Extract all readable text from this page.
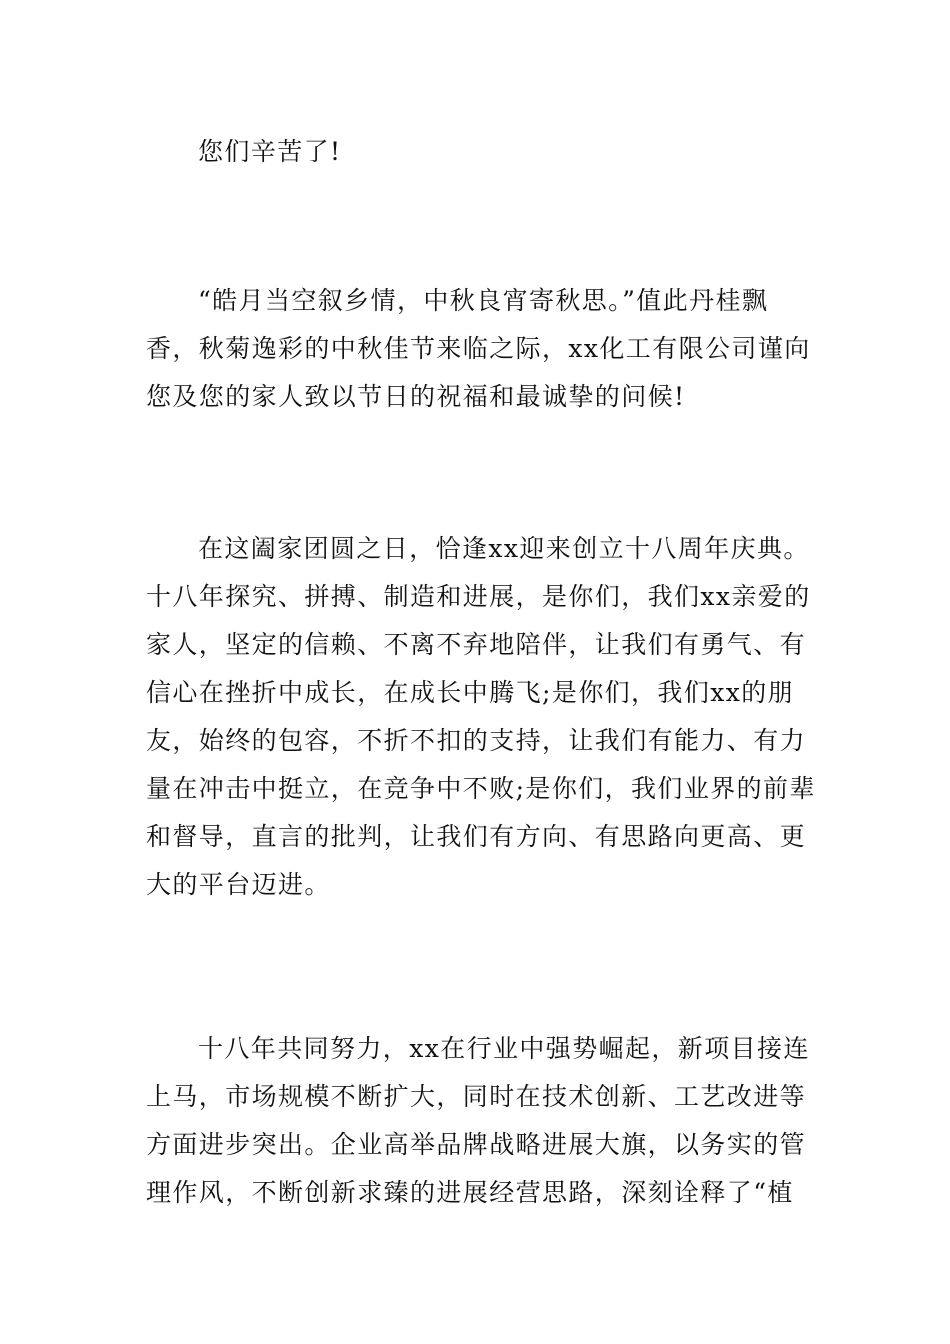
您们辛苦了!

“皓月当空叙乡情，中秋良宵寄秋思。”值此丹桂飘香，秋菊逸彩的中秋佳节来临之际，xx化工有限公司谨向您及您的家人致以节日的祝福和最诚挚的问候!

在这阖家团圆之日，恰逢xx迎来创立十八周年庆典。十八年探究、拼搏、制造和进展，是你们，我们xx亲爱的家人，坚定的信赖、不离不弃地陪伴，让我们有勇气、有信心在挫折中成长，在成长中腾飞;是你们，我们xx的朋友，始终的包容，不折不扣的支持，让我们有能力、有力量在冲击中挺立，在竞争中不败;是你们，我们业界的前辈和督导，直言的批判，让我们有方向、有思路向更高、更大的平台迈进。

十八年共同努力，xx在行业中强势崛起，新项目接连上马，市场规模不断扩大，同时在技术创新、工艺改进等方面进步突出。企业高举品牌战略进展大旗，以务实的管理作风，不断创新求臻的进展经营思路，深刻诠释了“植
